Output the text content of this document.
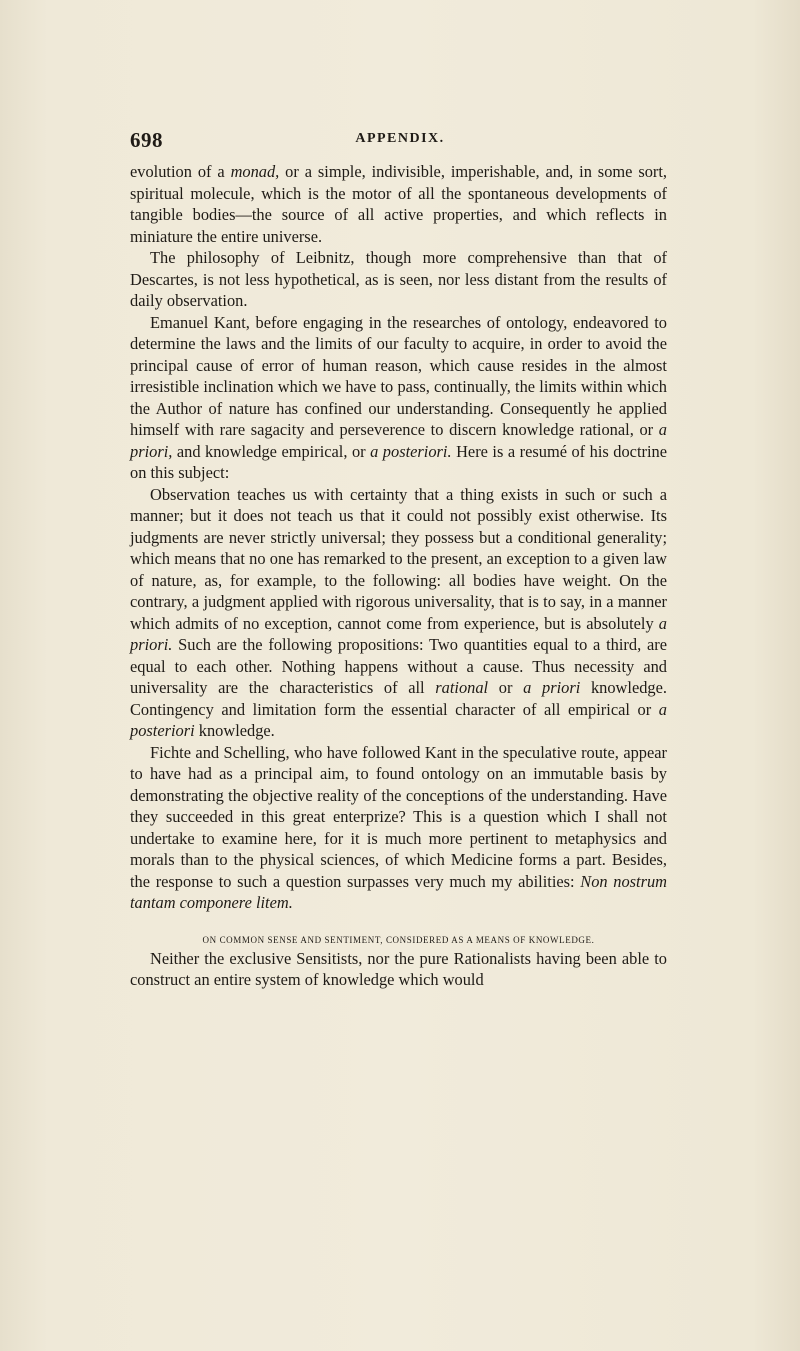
698	APPENDIX.

evolution of a monad, or a simple, indivisible, imperishable, and, in some sort, spiritual molecule, which is the motor of all the spontaneous developments of tangible bodies—the source of all active properties, and which reflects in miniature the entire universe.

The philosophy of Leibnitz, though more comprehensive than that of Descartes, is not less hypothetical, as is seen, nor less distant from the results of daily observation.

Emanuel Kant, before engaging in the researches of ontology, endeavored to determine the laws and the limits of our faculty to acquire, in order to avoid the principal cause of error of human reason, which cause resides in the almost irresistible inclination which we have to pass, continually, the limits within which the Author of nature has confined our understanding. Consequently he applied himself with rare sagacity and perseverence to discern knowledge rational, or a priori, and knowledge empirical, or a posteriori. Here is a resumé of his doctrine on this subject:

Observation teaches us with certainty that a thing exists in such or such a manner; but it does not teach us that it could not possibly exist otherwise. Its judgments are never strictly universal; they possess but a conditional generality; which means that no one has remarked to the present, an exception to a given law of nature, as, for example, to the following: all bodies have weight. On the contrary, a judgment applied with rigorous universality, that is to say, in a manner which admits of no exception, cannot come from experience, but is absolutely a priori. Such are the following propositions: Two quantities equal to a third, are equal to each other. Nothing happens without a cause. Thus necessity and universality are the characteristics of all rational or a priori knowledge. Contingency and limitation form the essential character of all empirical or a posteriori knowledge.

Fichte and Schelling, who have followed Kant in the speculative route, appear to have had as a principal aim, to found ontology on an immutable basis by demonstrating the objective reality of the conceptions of the understanding. Have they succeeded in this great enterprize? This is a question which I shall not undertake to examine here, for it is much more pertinent to metaphysics and morals than to the physical sciences, of which Medicine forms a part. Besides, the response to such a question surpasses very much my abilities: Non nostrum tantam componere litem.

ON COMMON SENSE AND SENTIMENT, CONSIDERED AS A MEANS OF KNOWLEDGE.

Neither the exclusive Sensitists, nor the pure Rationalists having been able to construct an entire system of knowledge which would
